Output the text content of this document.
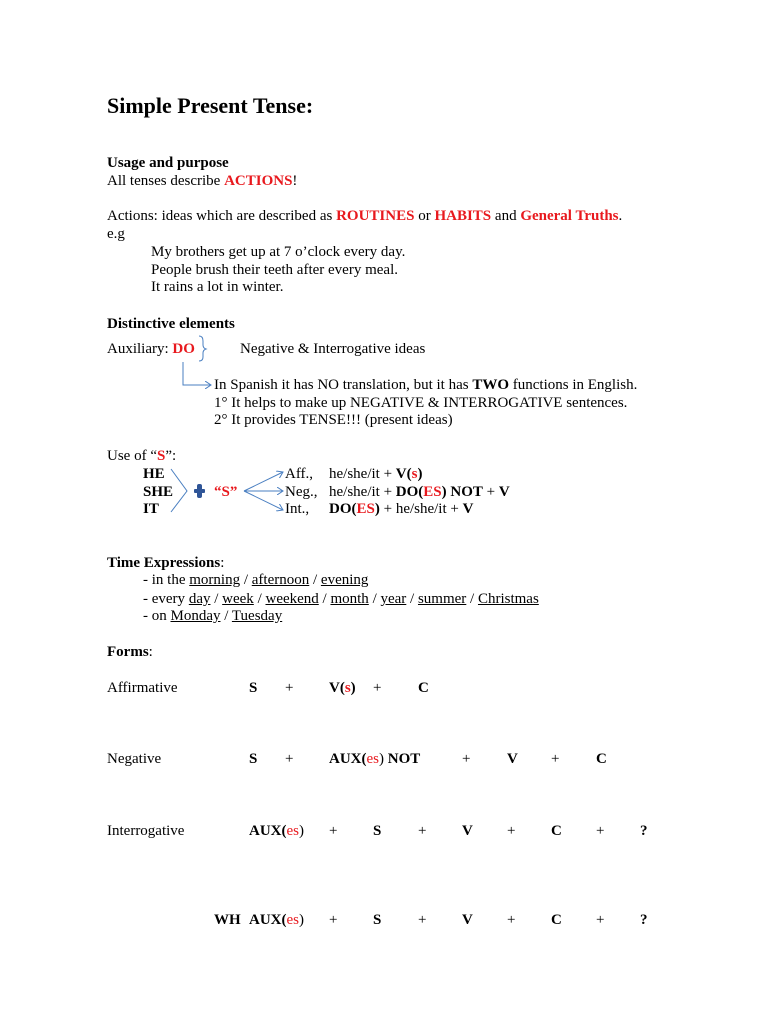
Simple Present Tense:
Usage and purpose
All tenses describe ACTIONS!
Actions: ideas which are described as ROUTINES or HABITS and General Truths.
e.g
My brothers get up at 7 o’clock every day.
People brush their teeth after every meal.
It rains a lot in winter.
Distinctive elements
Auxiliary: DO	Negative & Interrogative ideas
In Spanish it has NO translation, but it has TWO functions in English.
1° It helps to make up NEGATIVE & INTERROGATIVE sentences.
2° It provides TENSE!!! (present ideas)
Use of “S”:
HE
SHE
IT
“S”
Aff., he/she/it + V(s)
Neg., he/she/it + DO(ES) NOT + V
Int., DO(ES) + he/she/it + V
Time Expressions:
- in the morning / afternoon / evening
- every day / week / weekend / month / year / summer / Christmas
- on Monday / Tuesday
Forms:
Affirmative	S + V(s) + C
Negative	S + AUX(es) NOT	+ V + C
Interrogative	AUX(es) + S + V + C + ?
WH AUX(es) + S + V + C + ?
